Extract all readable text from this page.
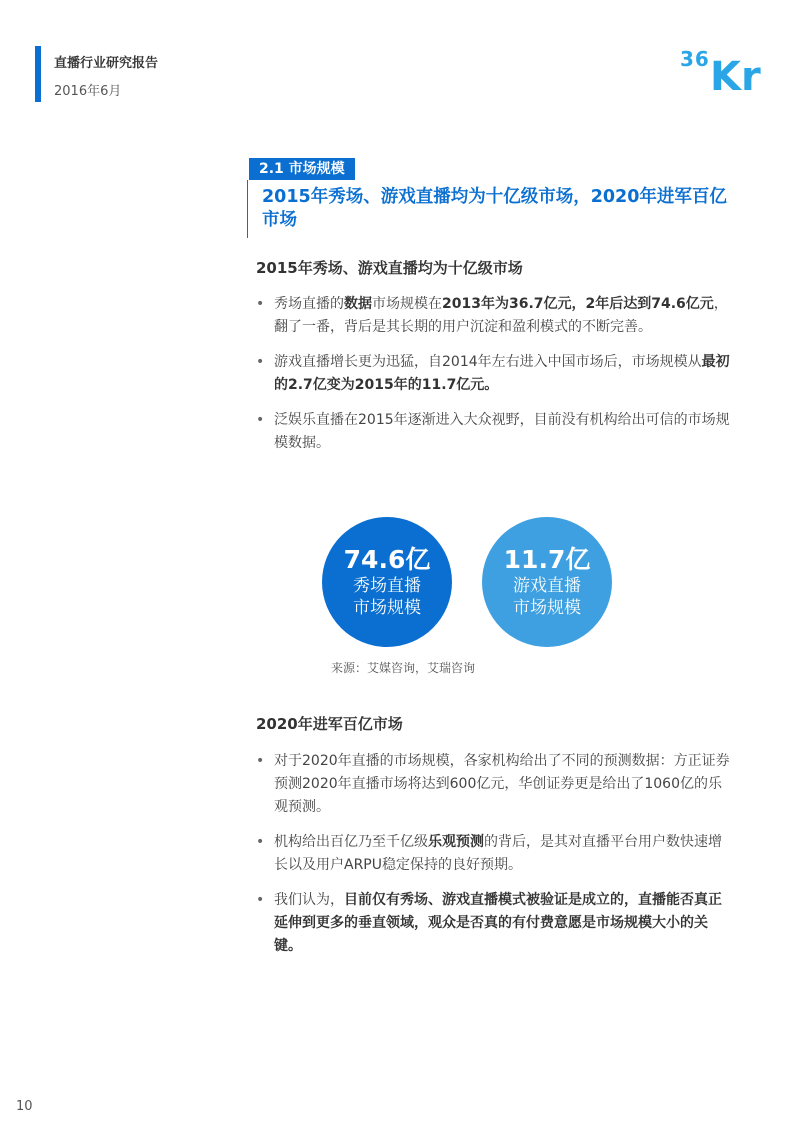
直播行业研究报告
2016年6月
36 Kr
2.1 市场规模
2015年秀场、游戏直播均为十亿级市场，2020年进军百亿市场
2015年秀场、游戏直播均为十亿级市场
• 秀场直播的数据市场规模在2013年为36.7亿元，2年后达到74.6亿元，翻了一番，背后是其长期的用户沉淀和盈利模式的不断完善。
• 游戏直播增长更为迅猛，自2014年左右进入中国市场后，市场规模从最初的2.7亿变为2015年的11.7亿元。
• 泛娱乐直播在2015年逐渐进入大众视野，目前没有机构给出可信的市场规模数据。
74.6亿
秀场直播
市场规模
11.7亿
游戏直播
市场规模
来源：艾媒咨询，艾瑞咨询
2020年进军百亿市场
• 对于2020年直播的市场规模，各家机构给出了不同的预测数据：方正证券预测2020年直播市场将达到600亿元，华创证券更是给出了1060亿的乐观预测。
• 机构给出百亿乃至千亿级乐观预测的背后，是其对直播平台用户数快速增长以及用户ARPU稳定保持的良好预期。
• 我们认为，目前仅有秀场、游戏直播模式被验证是成立的，直播能否真正延伸到更多的垂直领域，观众是否真的有付费意愿是市场规模大小的关键。
10
